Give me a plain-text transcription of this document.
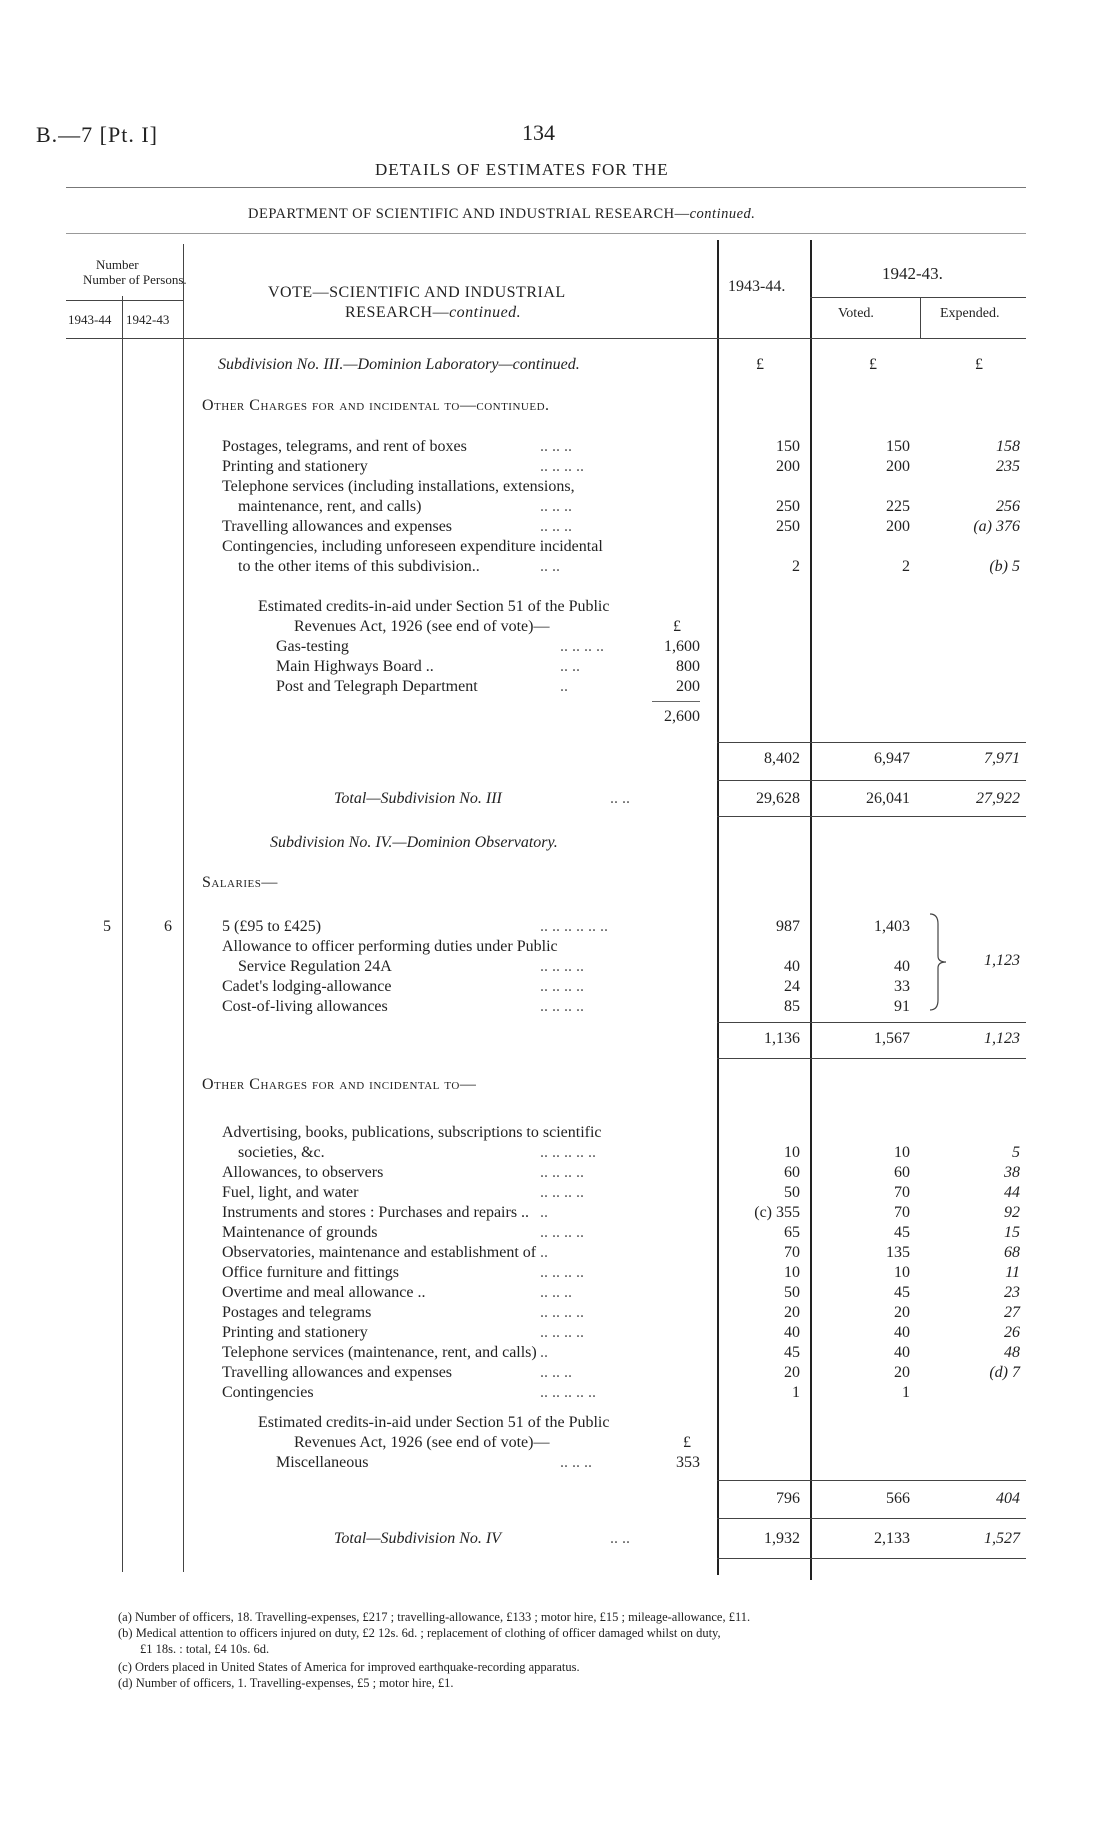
B.—7 [Pt. I]	134
DETAILS OF ESTIMATES FOR THE
DEPARTMENT OF SCIENTIFIC AND INDUSTRIAL RESEARCH—continued.
Number
Number of Persons.
1943-44 1942-43
VOTE—SCIENTIFIC AND INDUSTRIAL
RESEARCH—continued.
1943-44.
1942-43.
Voted.	Expended.
Subdivision No. III.—Dominion Laboratory—continued.	£	£	£
Other Charges for and incidental to—continued.
Postages, telegrams, and rent of boxes	.. .. ..	150	150	158
Printing and stationery	.. .. .. ..	200	200	235
Telephone services (including installations, extensions,
maintenance, rent, and calls)	.. .. ..	250	225	256
Travelling allowances and expenses	.. .. ..	250	200	(a) 376
Contingencies, including unforeseen expenditure incidental
to the other items of this subdivision..	.. ..	2	2	(b) 5
Estimated credits-in-aid under Section 51 of the Public
Revenues Act, 1926 (see end of vote)—	£
Gas-testing	.. .. .. ..	1,600
Main Highways Board ..	.. ..	800
Post and Telegraph Department	..	200
2,600
8,402	6,947	7,971
Total—Subdivision No. III	.. ..	29,628	26,041	27,922
Subdivision No. IV.—Dominion Observatory.
Salaries—
5	6	5 (£95 to £425)	.. .. .. .. .. ..	987	1,403
Allowance to officer performing duties under Public
Service Regulation 24A	.. .. .. ..	40	40
Cadet's lodging-allowance	.. .. .. ..	24	33
Cost-of-living allowances	.. .. .. ..	85	91
1,123
1,136	1,567	1,123
Other Charges for and incidental to—
Advertising, books, publications, subscriptions to scientific
societies, &c.	.. .. .. .. ..	10	10	5
Allowances, to observers	.. .. .. ..	60	60	38
Fuel, light, and water	.. .. .. ..	50	70	44
Instruments and stores : Purchases and repairs .. ..	(c) 355	70	92
Maintenance of grounds	.. .. .. ..	65	45	15
Observatories, maintenance and establishment of ..	70	135	68
Office furniture and fittings	.. .. .. ..	10	10	11
Overtime and meal allowance ..	.. .. ..	50	45	23
Postages and telegrams	.. .. .. ..	20	20	27
Printing and stationery	.. .. .. ..	40	40	26
Telephone services (maintenance, rent, and calls) ..	45	40	48
Travelling allowances and expenses	.. .. ..	20	20	(d) 7
Contingencies	.. .. .. .. ..	1	1
Estimated credits-in-aid under Section 51 of the Public
Revenues Act, 1926 (see end of vote)—	£
Miscellaneous	.. .. ..	353
796	566	404
Total—Subdivision No. IV	.. ..	1,932	2,133	1,527
(a) Number of officers, 18. Travelling-expenses, £217 ; travelling-allowance, £133 ; motor hire, £15 ; mileage-allowance, £11.
(b) Medical attention to officers injured on duty, £2 12s. 6d. ; replacement of clothing of officer damaged whilst on duty,
£1 18s. : total, £4 10s. 6d.
(c) Orders placed in United States of America for improved earthquake-recording apparatus.
(d) Number of officers, 1. Travelling-expenses, £5 ; motor hire, £1.
